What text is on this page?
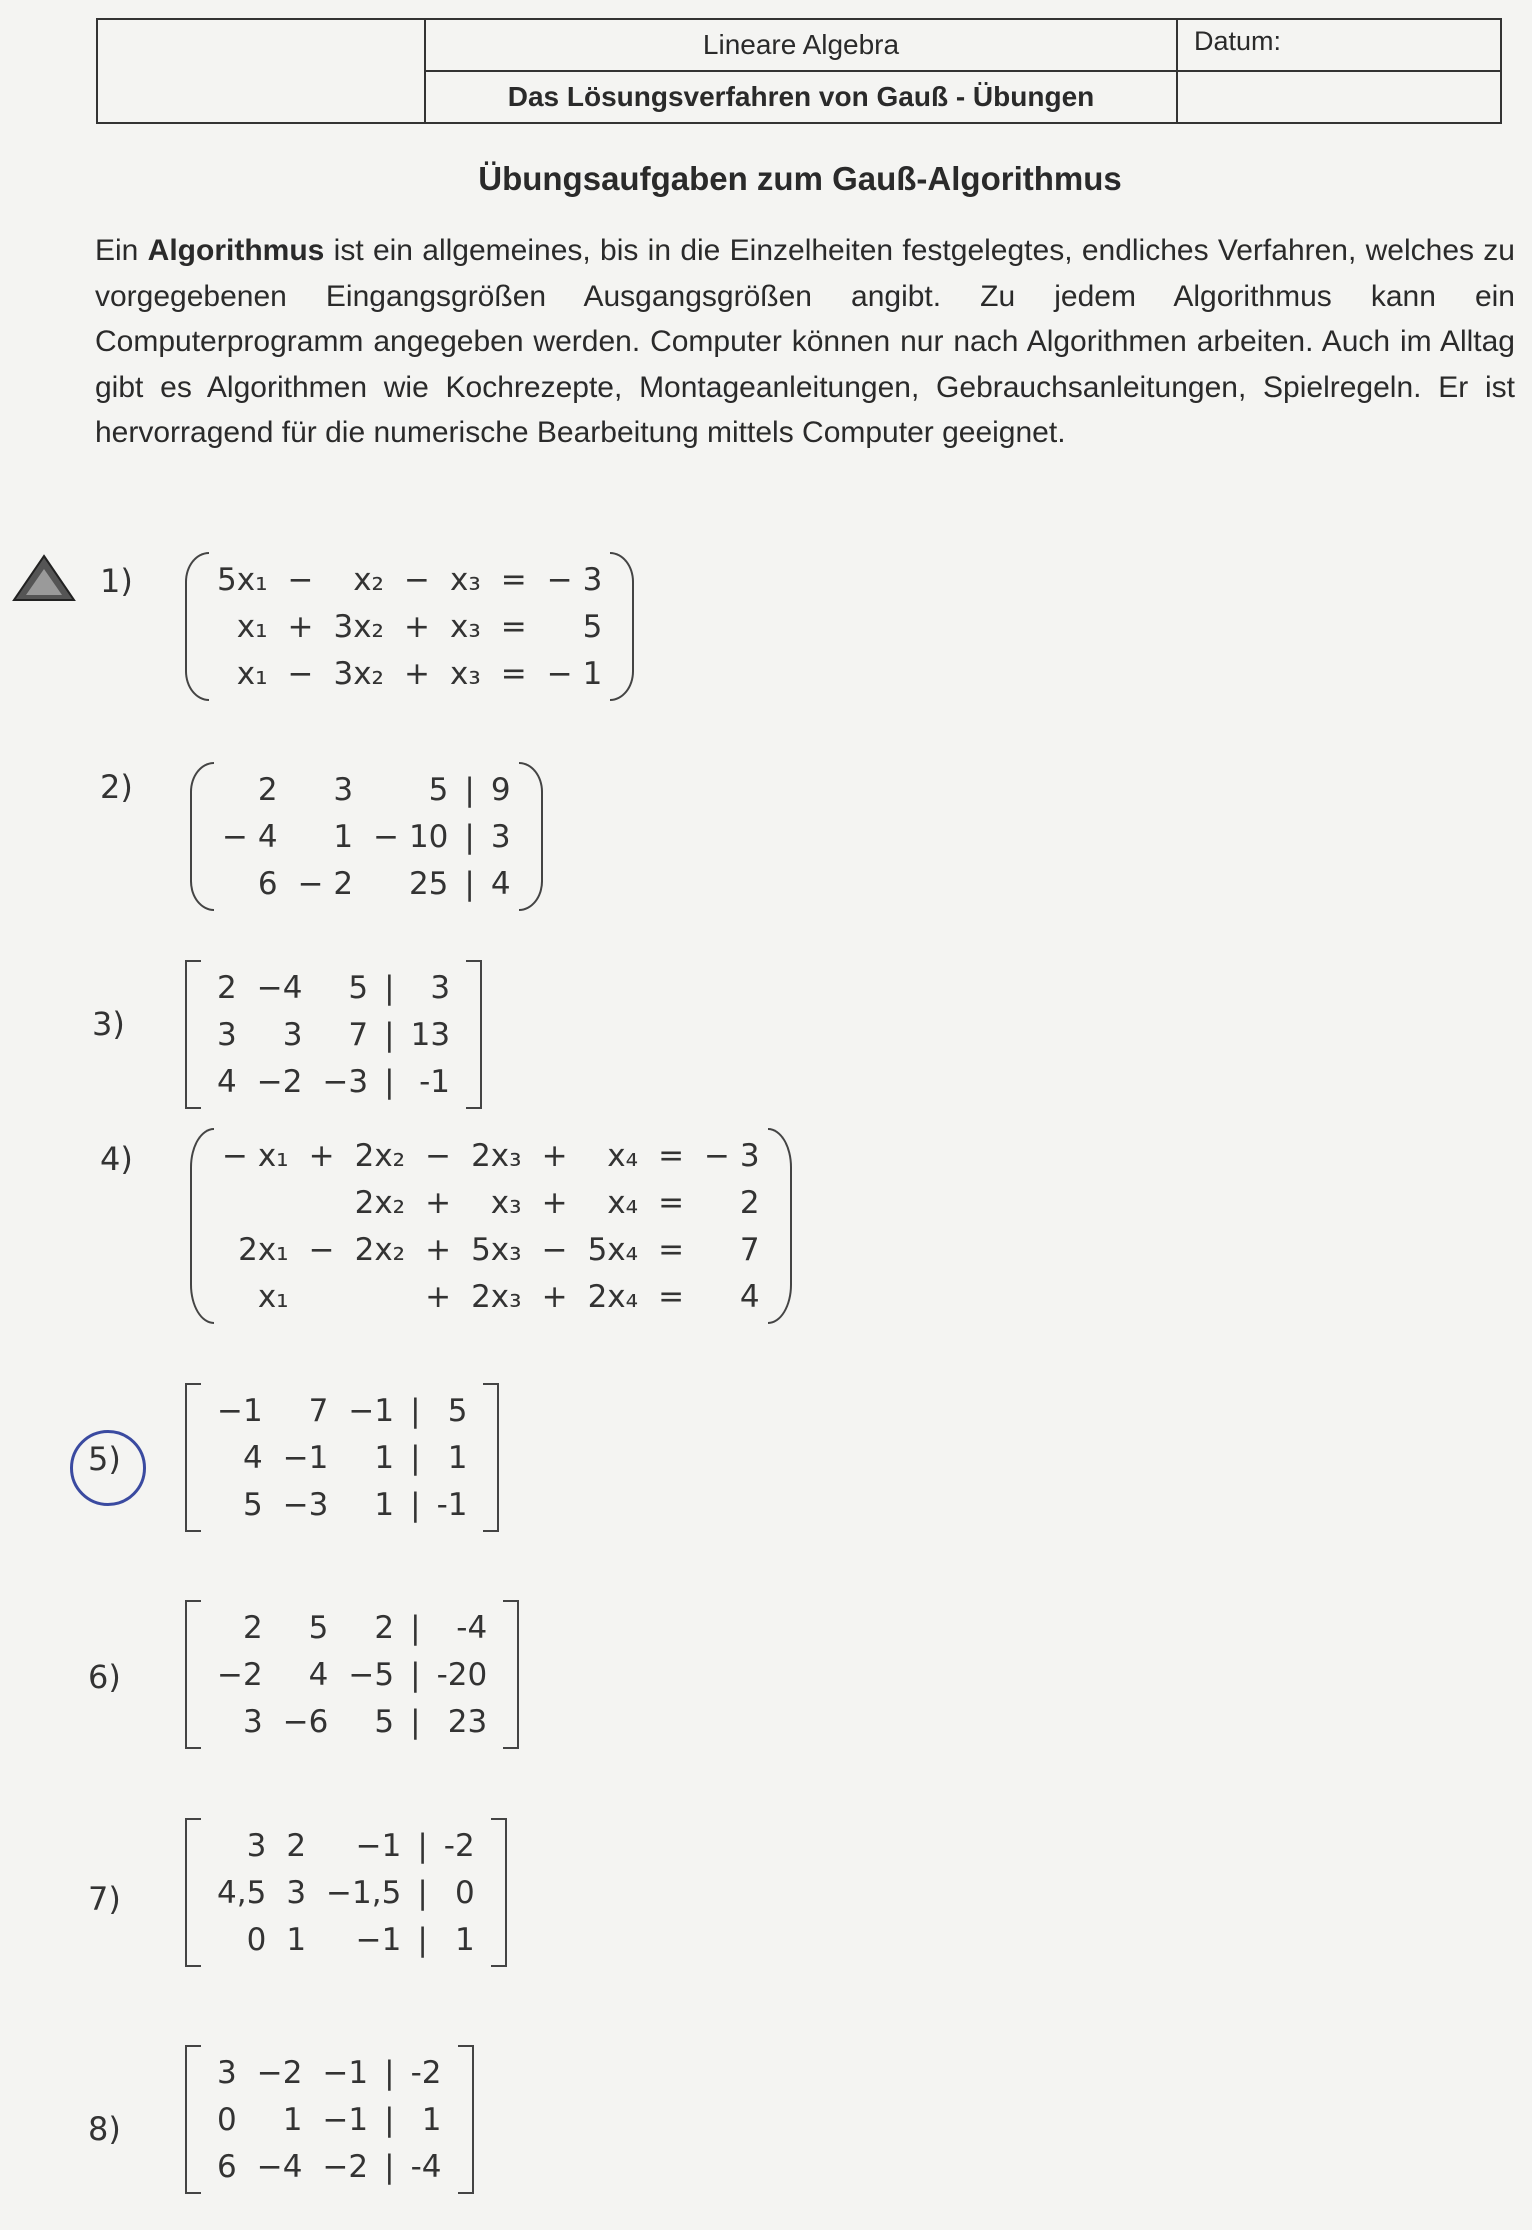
Lineare Algebra
Das Lösungsverfahren von Gauß - Übungen
Datum:
Übungsaufgaben zum Gauß-Algorithmus
Ein Algorithmus ist ein allgemeines, bis in die Einzelheiten festgelegtes, endliches Verfahren, welches zu vorgegebenen Eingangsgrößen Ausgangsgrößen angibt. Zu jedem Algorithmus kann ein Computerprogramm angegeben werden. Computer können nur nach Algorithmen arbeiten. Auch im Alltag gibt es Algorithmen wie Kochrezepte, Montageanleitungen, Gebrauchsanleitungen, Spielregeln. Er ist hervorragend für die numerische Bearbeitung mittels Computer geeignet.
1)	5x₁	−	x₂	−	x₃	=	− 3
x₁	+	3x₂	+	x₃	=	5
x₁	−	3x₂	+	x₃	=	− 1
2)	2	3	5	|	9
− 4	1	− 10	|	3
6	− 2	25	|	4
3)
2	−4	5	|	3
3	3	7	|	13
4	−2	−3	|	-1
4)	− x₁	+	2x₂	−	2x₃	+	x₄	=	− 3
		2x₂	+	x₃	+	x₄	=	2
2x₁	−	2x₂	+	5x₃	−	5x₄	=	7
x₁			+	2x₃	+	2x₄	=	4
5)
−1	7	−1	|	5
4	−1	1	|	1
5	−3	1	|	-1
6)
2	5	2	|	-4
−2	4	−5	|	-20
3	−6	5	|	23
7)
3	2	−1	|	-2
4,5	3	−1,5	|	0
0	1	−1	|	1
8)
3	−2	−1	|	-2
0	1	−1	|	1
6	−4	−2	|	-4
